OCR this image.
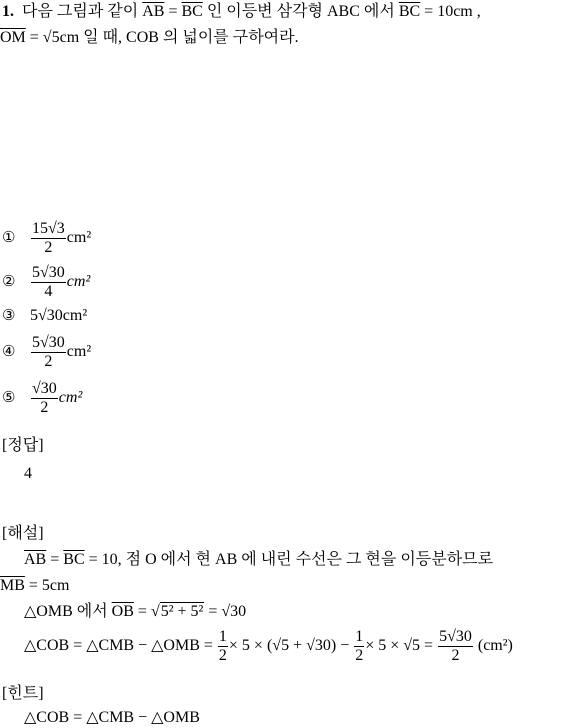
1. 다음 그림과 같이 $\overline{AB} = \overline{BC}$ 인 이등변 삼각형 ABC 에서 $\overline{BC} = 10cm$ ,
$\overline{OM} = √5cm$ 일 때, COB 의 넓이를 구하여라.
① $\frac{15√3}{2} cm^2$
② $\frac{5√30}{4} cm^2$
③ 5√30cm²
④ $\frac{5√30}{2} cm^2$
⑤ $\frac{√30}{2} cm^2$
[정답]
4
[해설]
$\overline{AB} = \overline{BC} = 10$, 점 O 에서 현 AB 에 내린 수선은 그 현을 이등분하므로
$\overline{MB} = 5cm$
△OMB 에서 $\overline{OB} = √5^2 + 5^2 = √30$
△COB = △CMB − △OMB = $\frac{1}{2} \times 5 \times (√5 + √30) - \frac{1}{2} \times 5 \times √5 = \frac{5√30}{2} (cm^2)$
[힌트]
△COB = △CMB − △OMB
